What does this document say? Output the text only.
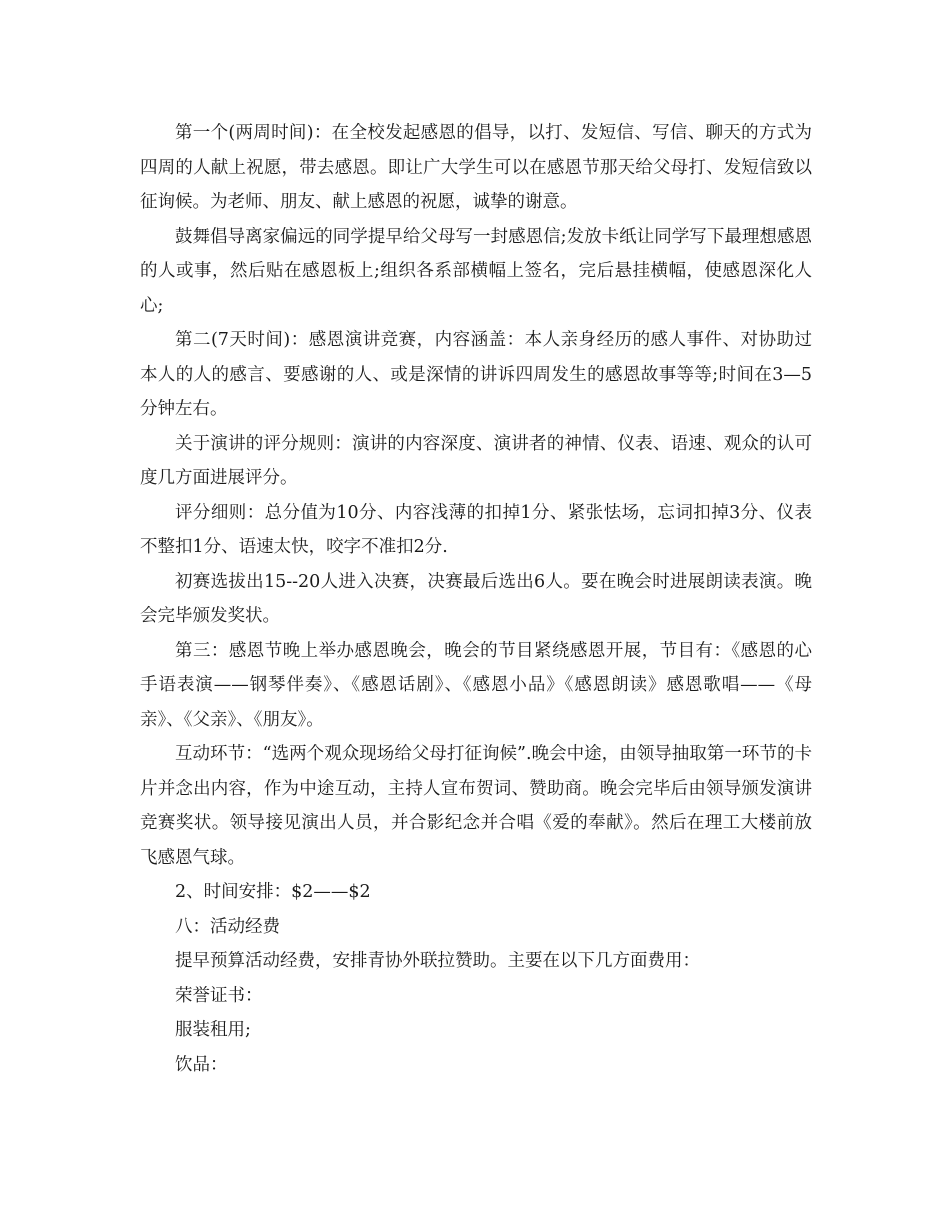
第一个(两周时间)：在全校发起感恩的倡导，以打、发短信、写信、聊天的方式为四周的人献上祝愿，带去感恩。即让广大学生可以在感恩节那天给父母打、发短信致以征询候。为老师、朋友、献上感恩的祝愿，诚挚的谢意。

鼓舞倡导离家偏远的同学提早给父母写一封感恩信;发放卡纸让同学写下最理想感恩的人或事，然后贴在感恩板上;组织各系部横幅上签名，完后悬挂横幅，使感恩深化人心;

第二(7天时间)：感恩演讲竞赛，内容涵盖：本人亲身经历的感人事件、对协助过本人的人的感言、要感谢的人、或是深情的讲诉四周发生的感恩故事等等;时间在3—5分钟左右。

关于演讲的评分规则：演讲的内容深度、演讲者的神情、仪表、语速、观众的认可度几方面进展评分。

评分细则：总分值为10分、内容浅薄的扣掉1分、紧张怯场，忘词扣掉3分、仪表不整扣1分、语速太快，咬字不准扣2分.

初赛选拔出15--20人进入决赛，决赛最后选出6人。要在晚会时进展朗读表演。晚会完毕颁发奖状。

第三：感恩节晚上举办感恩晚会，晚会的节目紧绕感恩开展，节目有：《感恩的心手语表演——钢琴伴奏》、《感恩话剧》、《感恩小品》《感恩朗读》感恩歌唱——《母亲》、《父亲》、《朋友》。

互动环节：“选两个观众现场给父母打征询候”.晚会中途，由领导抽取第一环节的卡片并念出内容，作为中途互动，主持人宣布贺词、赞助商。晚会完毕后由领导颁发演讲竞赛奖状。领导接见演出人员，并合影纪念并合唱《爱的奉献》。然后在理工大楼前放飞感恩气球。

2、时间安排：$2——$2

八：活动经费

提早预算活动经费，安排青协外联拉赞助。主要在以下几方面费用：

荣誉证书：

服装租用;

饮品：
